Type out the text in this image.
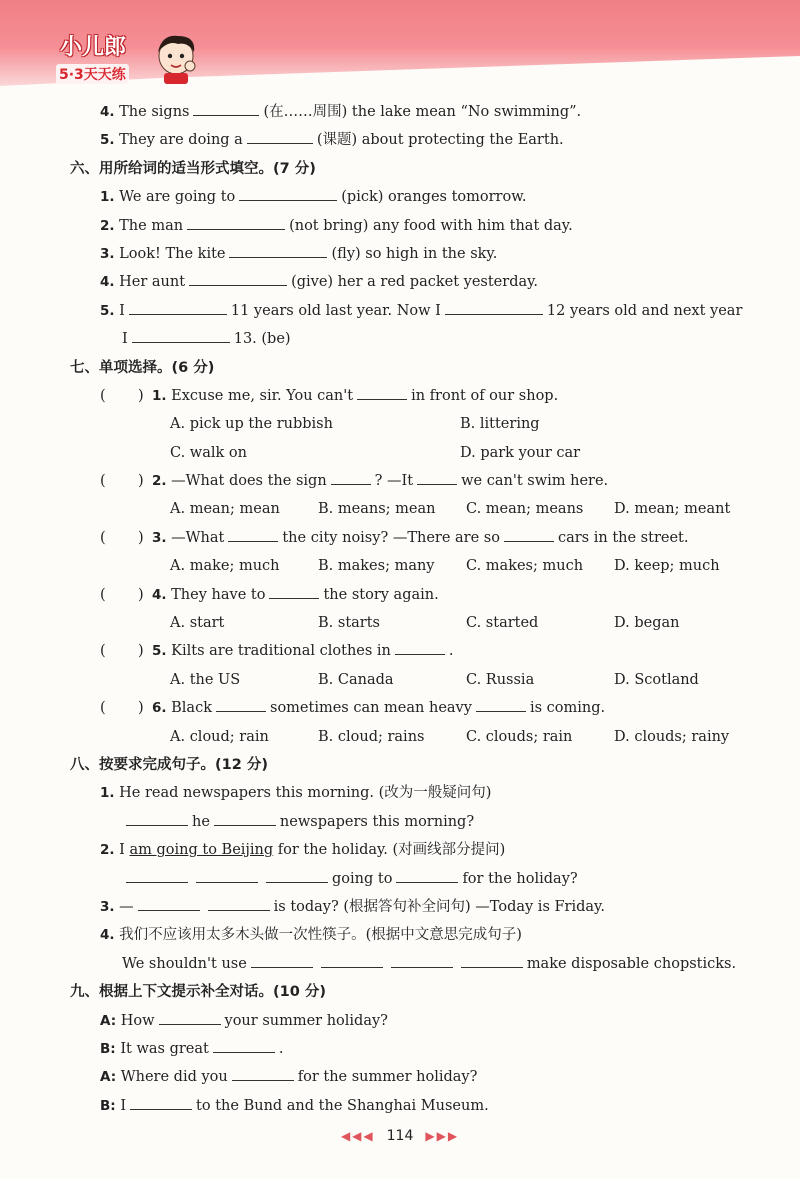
小儿郎
5·3天天练
4. The signs	(在……周围) the lake mean “No swimming”.
5. They are doing a	(课题) about protecting the Earth.
六、用所给词的适当形式填空。(7 分)
1. We are going to	(pick) oranges tomorrow.
2. The man	(not bring) any food with him that day.
3. Look! The kite	(fly) so high in the sky.
4. Her aunt	(give) her a red packet yesterday.
5. I	11 years old last year. Now I	12 years old and next year
I	13. (be)
七、单项选择。(6 分)
( ) 1. Excuse me, sir. You can't	in front of our shop.
A. pick up the rubbish	B. littering
C. walk on	D. park your car
( ) 2. —What does the sign	? —It	we can't swim here.
A. mean; mean	B. means; mean C. mean; means D. mean; meant
( ) 3. —What	the city noisy? —There are so	cars in the street.
A. make; much	B. makes; many C. makes; much D. keep; much
( ) 4. They have to	the story again.
A. start	B. starts	C. started	D. began
( ) 5. Kilts are traditional clothes in	.
A. the US	B. Canada	C. Russia	D. Scotland
( ) 6. Black	sometimes can mean heavy	is coming.
A. cloud; rain	B. cloud; rains	C. clouds; rain	D. clouds; rainy
八、按要求完成句子。(12 分)
1. He read newspapers this morning. (改为一般疑问句)
he	newspapers this morning?
2. I am going to Beijing for the holiday. (对画线部分提问)
going to	for the holiday?
3. —	is today? (根据答句补全问句) —Today is Friday.
4. 我们不应该用太多木头做一次性筷子。(根据中文意思完成句子)
We shouldn't use	make disposable chopsticks.
九、根据上下文提示补全对话。(10 分)
A: How	your summer holiday?
B: It was great	.
A: Where did you	for the summer holiday?
B: I	to the Bund and the Shanghai Museum.
◀◀◀ 114 ▶▶▶
